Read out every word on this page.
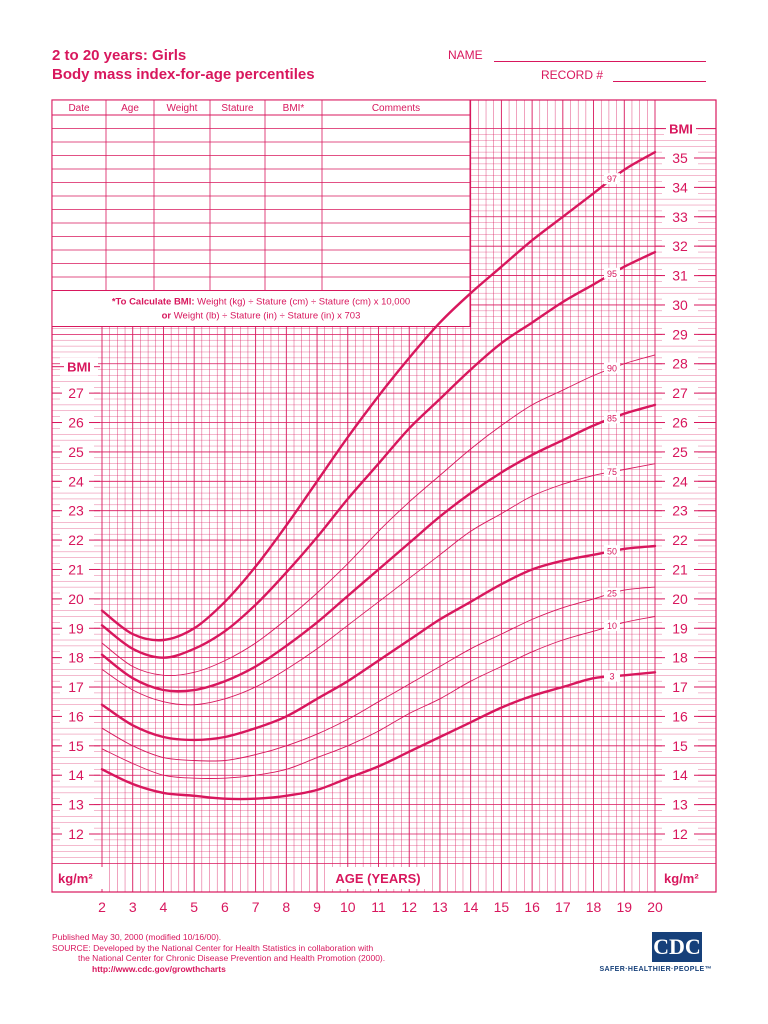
2 to 20 years: Girls
Body mass index-for-age percentiles
NAME
RECORD #
Date	Age	Weight Stature	BMI*	Comments
*To Calculate BMI: Weight (kg) ÷ Stature (cm) ÷ Stature (cm) x 10,000
or Weight (lb) ÷ Stature (in) ÷ Stature (in) x 703
97
95
90
85
75
50
25
10
3
12
13
14
15
16
17
18
19
20
21
22
23
24
25
26
27
12
13
14
15
16
17
18
19
20
21
22
23
24
25
26
27
28
29
30
31
32
33
34
35
BMI
BMI
kg/m²	kg/m²
AGE (YEARS)
2 3 4 5 6 7 8 9 10 11 12 13 14 15 16 17 18 19 20
Published May 30, 2000 (modified 10/16/00).
SOURCE: Developed by the National Center for Health Statistics in collaboration with
the National Center for Chronic Disease Prevention and Health Promotion (2000).
http://www.cdc.gov/growthcharts
CDC
SAFER·HEALTHIER·PEOPLE™
